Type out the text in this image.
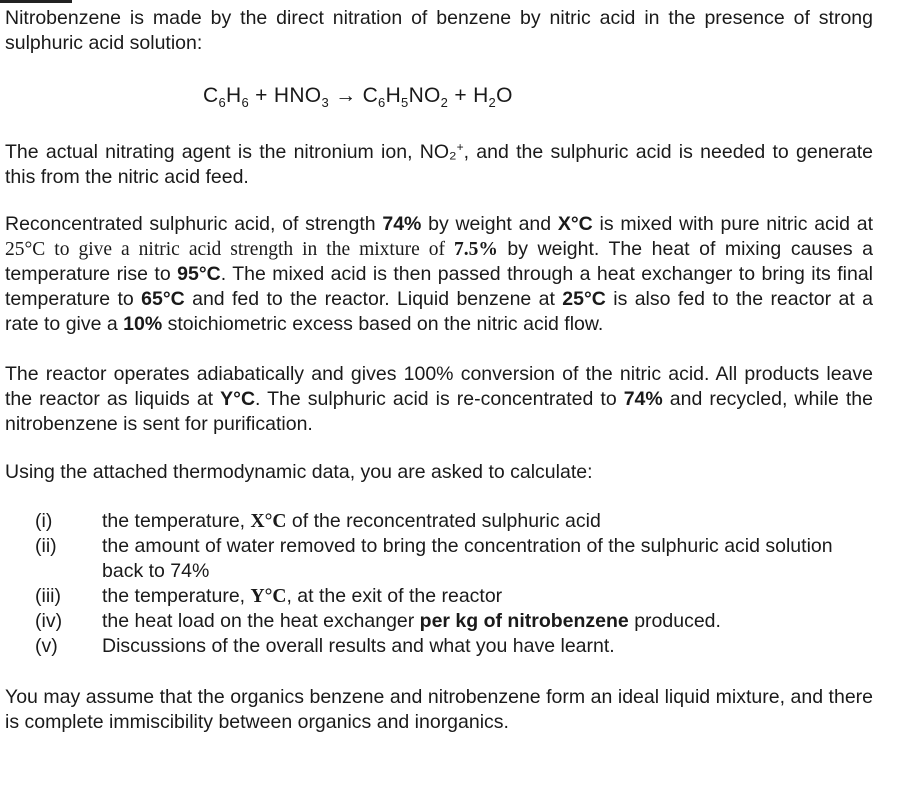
Nitrobenzene is made by the direct nitration of benzene by nitric acid in the presence of strong sulphuric acid solution:

$C_6H_6 + HNO_3 \to C_6H_5NO_2 + H_2O$

The actual nitrating agent is the nitronium ion, NO₂+, and the sulphuric acid is needed to generate this from the nitric acid feed.

Reconcentrated sulphuric acid, of strength 74% by weight and X°C is mixed with pure nitric acid at 25°C to give a nitric acid strength in the mixture of 7.5% by weight. The heat of mixing causes a temperature rise to 95°C. The mixed acid is then passed through a heat exchanger to bring its final temperature to 65°C and fed to the reactor. Liquid benzene at 25°C is also fed to the reactor at a rate to give a 10% stoichiometric excess based on the nitric acid flow.

The reactor operates adiabatically and gives 100% conversion of the nitric acid. All products leave the reactor as liquids at Y°C. The sulphuric acid is re-concentrated to 74% and recycled, while the nitrobenzene is sent for purification.

Using the attached thermodynamic data, you are asked to calculate:

(i)	the temperature, X°C of the reconcentrated sulphuric acid
(ii) the amount of water removed to bring the concentration of the sulphuric acid solution back to 74%
(iii) the temperature, Y°C, at the exit of the reactor
(iv) the heat load on the heat exchanger per kg of nitrobenzene produced.
(v) Discussions of the overall results and what you have learnt.

You may assume that the organics benzene and nitrobenzene form an ideal liquid mixture, and there is complete immiscibility between organics and inorganics.
